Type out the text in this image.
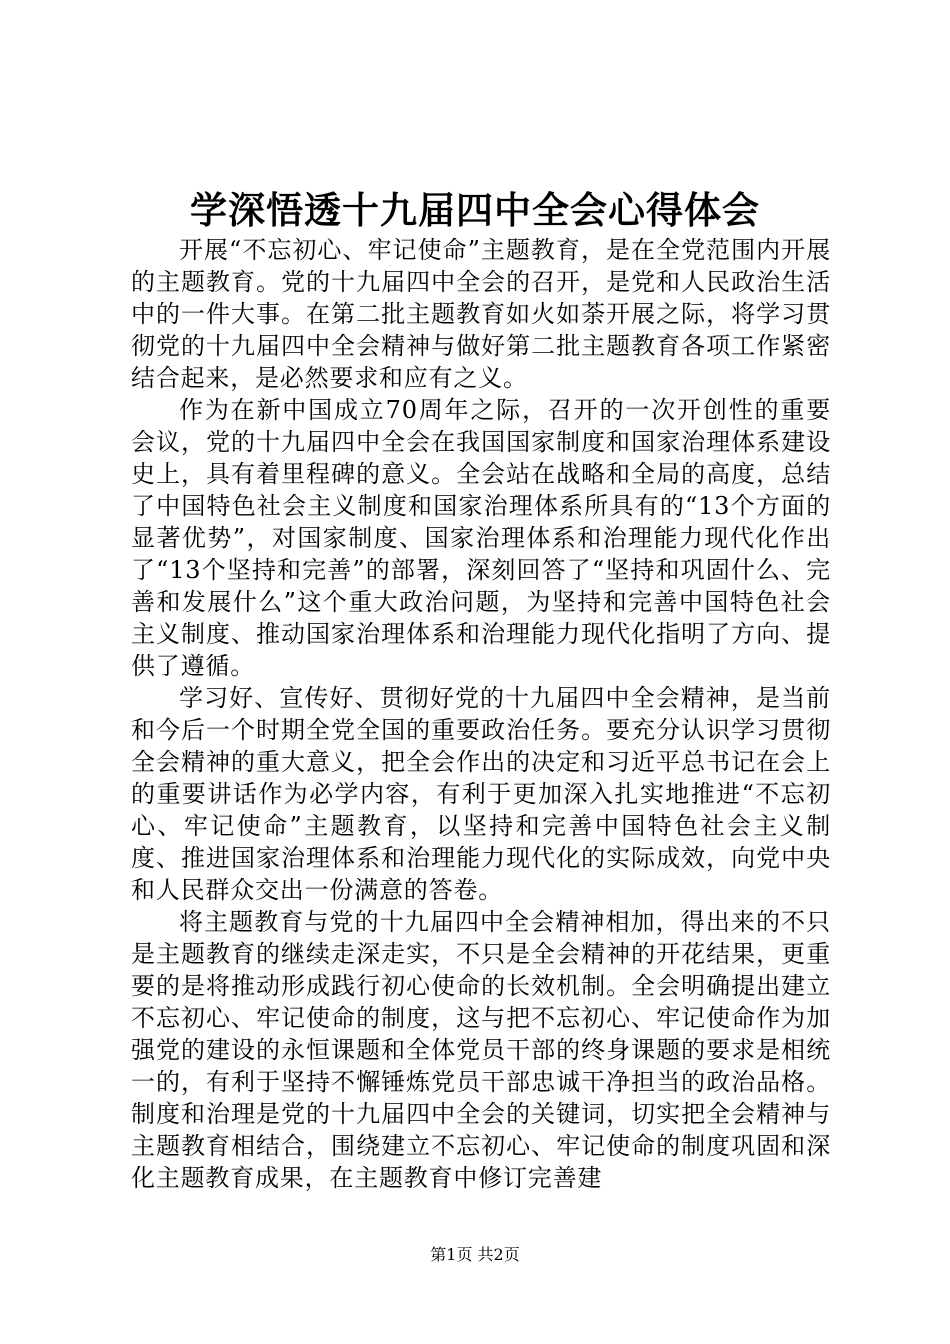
学深悟透十九届四中全会心得体会

开展“不忘初心、牢记使命”主题教育，是在全党范围内开展的主题教育。党的十九届四中全会的召开，是党和人民政治生活中的一件大事。在第二批主题教育如火如荼开展之际，将学习贯彻党的十九届四中全会精神与做好第二批主题教育各项工作紧密结合起来，是必然要求和应有之义。

作为在新中国成立70周年之际，召开的一次开创性的重要会议，党的十九届四中全会在我国国家制度和国家治理体系建设史上，具有着里程碑的意义。全会站在战略和全局的高度，总结了中国特色社会主义制度和国家治理体系所具有的“13个方面的显著优势”，对国家制度、国家治理体系和治理能力现代化作出了“13个坚持和完善”的部署，深刻回答了“坚持和巩固什么、完善和发展什么”这个重大政治问题，为坚持和完善中国特色社会主义制度、推动国家治理体系和治理能力现代化指明了方向、提供了遵循。

学习好、宣传好、贯彻好党的十九届四中全会精神，是当前和今后一个时期全党全国的重要政治任务。要充分认识学习贯彻全会精神的重大意义，把全会作出的决定和习近平总书记在会上的重要讲话作为必学内容，有利于更加深入扎实地推进“不忘初心、牢记使命”主题教育，以坚持和完善中国特色社会主义制度、推进国家治理体系和治理能力现代化的实际成效，向党中央和人民群众交出一份满意的答卷。

将主题教育与党的十九届四中全会精神相加，得出来的不只是主题教育的继续走深走实，不只是全会精神的开花结果，更重要的是将推动形成践行初心使命的长效机制。全会明确提出建立不忘初心、牢记使命的制度，这与把不忘初心、牢记使命作为加强党的建设的永恒课题和全体党员干部的终身课题的要求是相统一的，有利于坚持不懈锤炼党员干部忠诚干净担当的政治品格。制度和治理是党的十九届四中全会的关键词，切实把全会精神与主题教育相结合，围绕建立不忘初心、牢记使命的制度巩固和深化主题教育成果，在主题教育中修订完善建

第1页 共2页
